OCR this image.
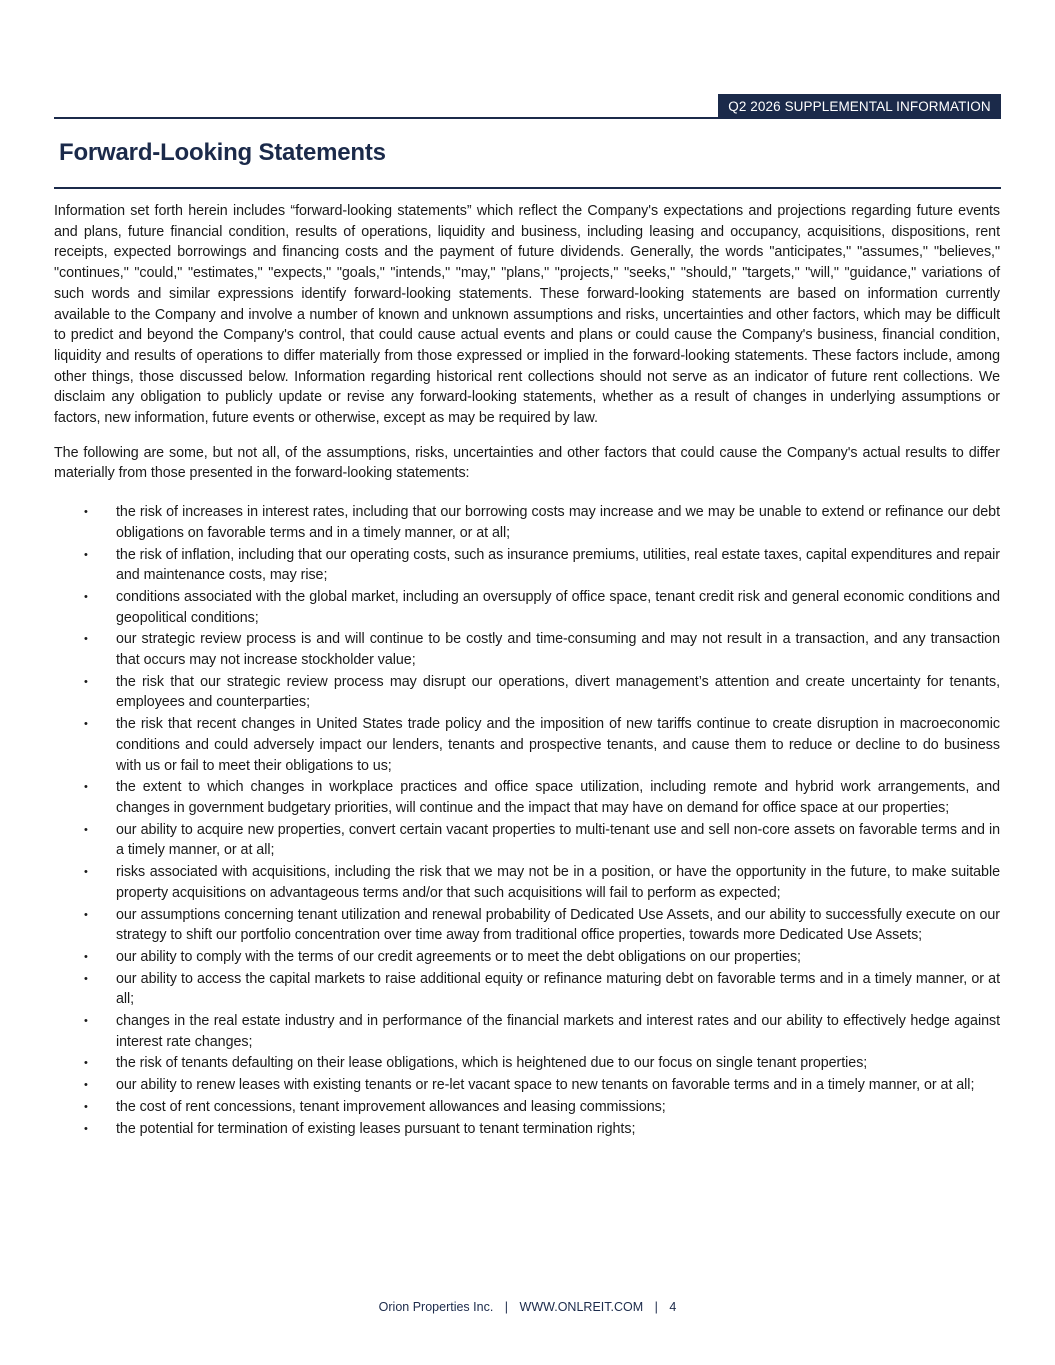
Q2 2026 SUPPLEMENTAL INFORMATION
Forward-Looking Statements

Information set forth herein includes “forward-looking statements” which reflect the Company's expectations and projections regarding future events and plans, future financial condition, results of operations, liquidity and business, including leasing and occupancy, acquisitions, dispositions, rent receipts, expected borrowings and financing costs and the payment of future dividends. Generally, the words "anticipates," "assumes," "believes," "continues," "could," "estimates," "expects," "goals," "intends," "may," "plans," "projects," "seeks," "should," "targets," "will," "guidance," variations of such words and similar expressions identify forward-looking statements. These forward-looking statements are based on information currently available to the Company and involve a number of known and unknown assumptions and risks, uncertainties and other factors, which may be difficult to predict and beyond the Company's control, that could cause actual events and plans or could cause the Company's business, financial condition, liquidity and results of operations to differ materially from those expressed or implied in the forward-looking statements. These factors include, among other things, those discussed below. Information regarding historical rent collections should not serve as an indicator of future rent collections. We disclaim any obligation to publicly update or revise any forward-looking statements, whether as a result of changes in underlying assumptions or factors, new information, future events or otherwise, except as may be required by law.

The following are some, but not all, of the assumptions, risks, uncertainties and other factors that could cause the Company's actual results to differ materially from those presented in the forward-looking statements:

• the risk of increases in interest rates, including that our borrowing costs may increase and we may be unable to extend or refinance our debt obligations on favorable terms and in a timely manner, or at all;
• the risk of inflation, including that our operating costs, such as insurance premiums, utilities, real estate taxes, capital expenditures and repair and maintenance costs, may rise;
• conditions associated with the global market, including an oversupply of office space, tenant credit risk and general economic conditions and geopolitical conditions;
• our strategic review process is and will continue to be costly and time-consuming and may not result in a transaction, and any transaction that occurs may not increase stockholder value;
• the risk that our strategic review process may disrupt our operations, divert management’s attention and create uncertainty for tenants, employees and counterparties;
• the risk that recent changes in United States trade policy and the imposition of new tariffs continue to create disruption in macroeconomic conditions and could adversely impact our lenders, tenants and prospective tenants, and cause them to reduce or decline to do business with us or fail to meet their obligations to us;
• the extent to which changes in workplace practices and office space utilization, including remote and hybrid work arrangements, and changes in government budgetary priorities, will continue and the impact that may have on demand for office space at our properties;
• our ability to acquire new properties, convert certain vacant properties to multi-tenant use and sell non-core assets on favorable terms and in a timely manner, or at all;
• risks associated with acquisitions, including the risk that we may not be in a position, or have the opportunity in the future, to make suitable property acquisitions on advantageous terms and/or that such acquisitions will fail to perform as expected;
• our assumptions concerning tenant utilization and renewal probability of Dedicated Use Assets, and our ability to successfully execute on our strategy to shift our portfolio concentration over time away from traditional office properties, towards more Dedicated Use Assets;
• our ability to comply with the terms of our credit agreements or to meet the debt obligations on our properties;
• our ability to access the capital markets to raise additional equity or refinance maturing debt on favorable terms and in a timely manner, or at all;
• changes in the real estate industry and in performance of the financial markets and interest rates and our ability to effectively hedge against interest rate changes;
• the risk of tenants defaulting on their lease obligations, which is heightened due to our focus on single tenant properties;
• our ability to renew leases with existing tenants or re-let vacant space to new tenants on favorable terms and in a timely manner, or at all;
• the cost of rent concessions, tenant improvement allowances and leasing commissions;
• the potential for termination of existing leases pursuant to tenant termination rights;
Orion Properties Inc. | WWW.ONLREIT.COM | 4
